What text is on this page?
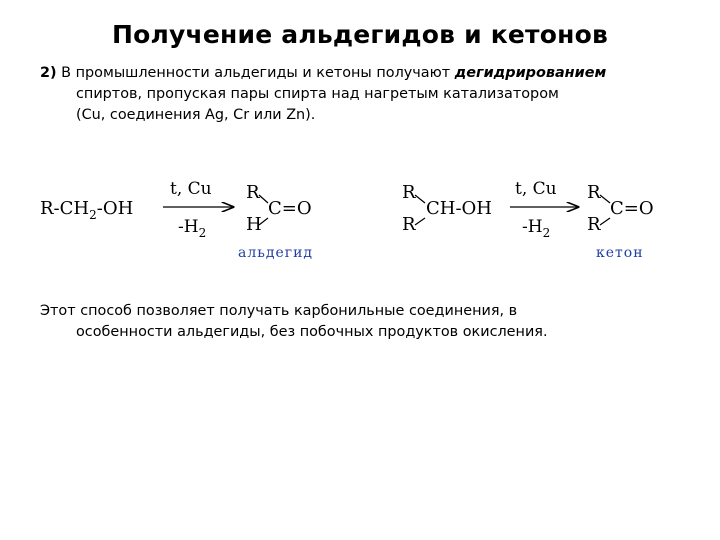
Получение альдегидов и кетонов
2) В промышленности альдегиды и кетоны получают дегидрированием
спиртов, пропуская пары спирта над нагретым катализатором
(Cu, соединения Ag, Cr или Zn).
$R-CH_2-OH$
t, Cu
$-H_2$
R
H
C=O
альдегид
R
R
CH-OH
t, Cu
$-H_2$
R
R
C=O
кетон
Этот способ позволяет получать карбонильные соединения, в
особенности альдегиды, без побочных продуктов окисления.
